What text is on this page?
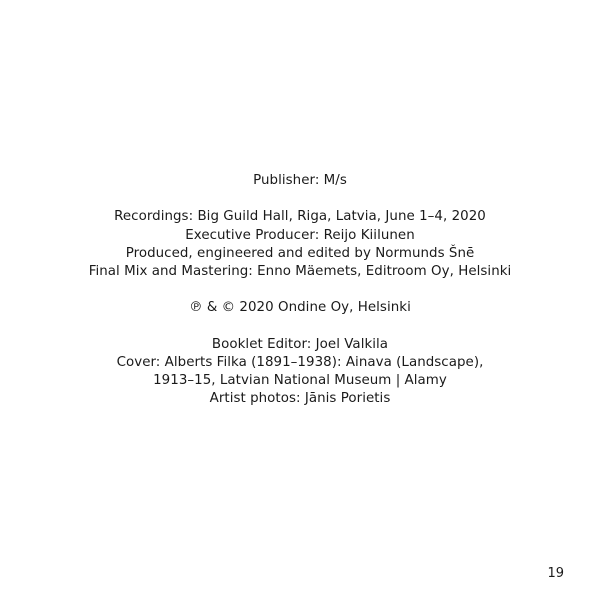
Publisher: M/s

Recordings: Big Guild Hall, Riga, Latvia, June 1–4, 2020
Executive Producer: Reijo Kiilunen
Produced, engineered and edited by Normunds Šnē
Final Mix and Mastering: Enno Mäemets, Editroom Oy, Helsinki

℗ & © 2020 Ondine Oy, Helsinki

Booklet Editor: Joel Valkila
Cover: Alberts Filka (1891–1938): Ainava (Landscape),
1913–15, Latvian National Museum | Alamy
Artist photos: Jānis Porietis

19
